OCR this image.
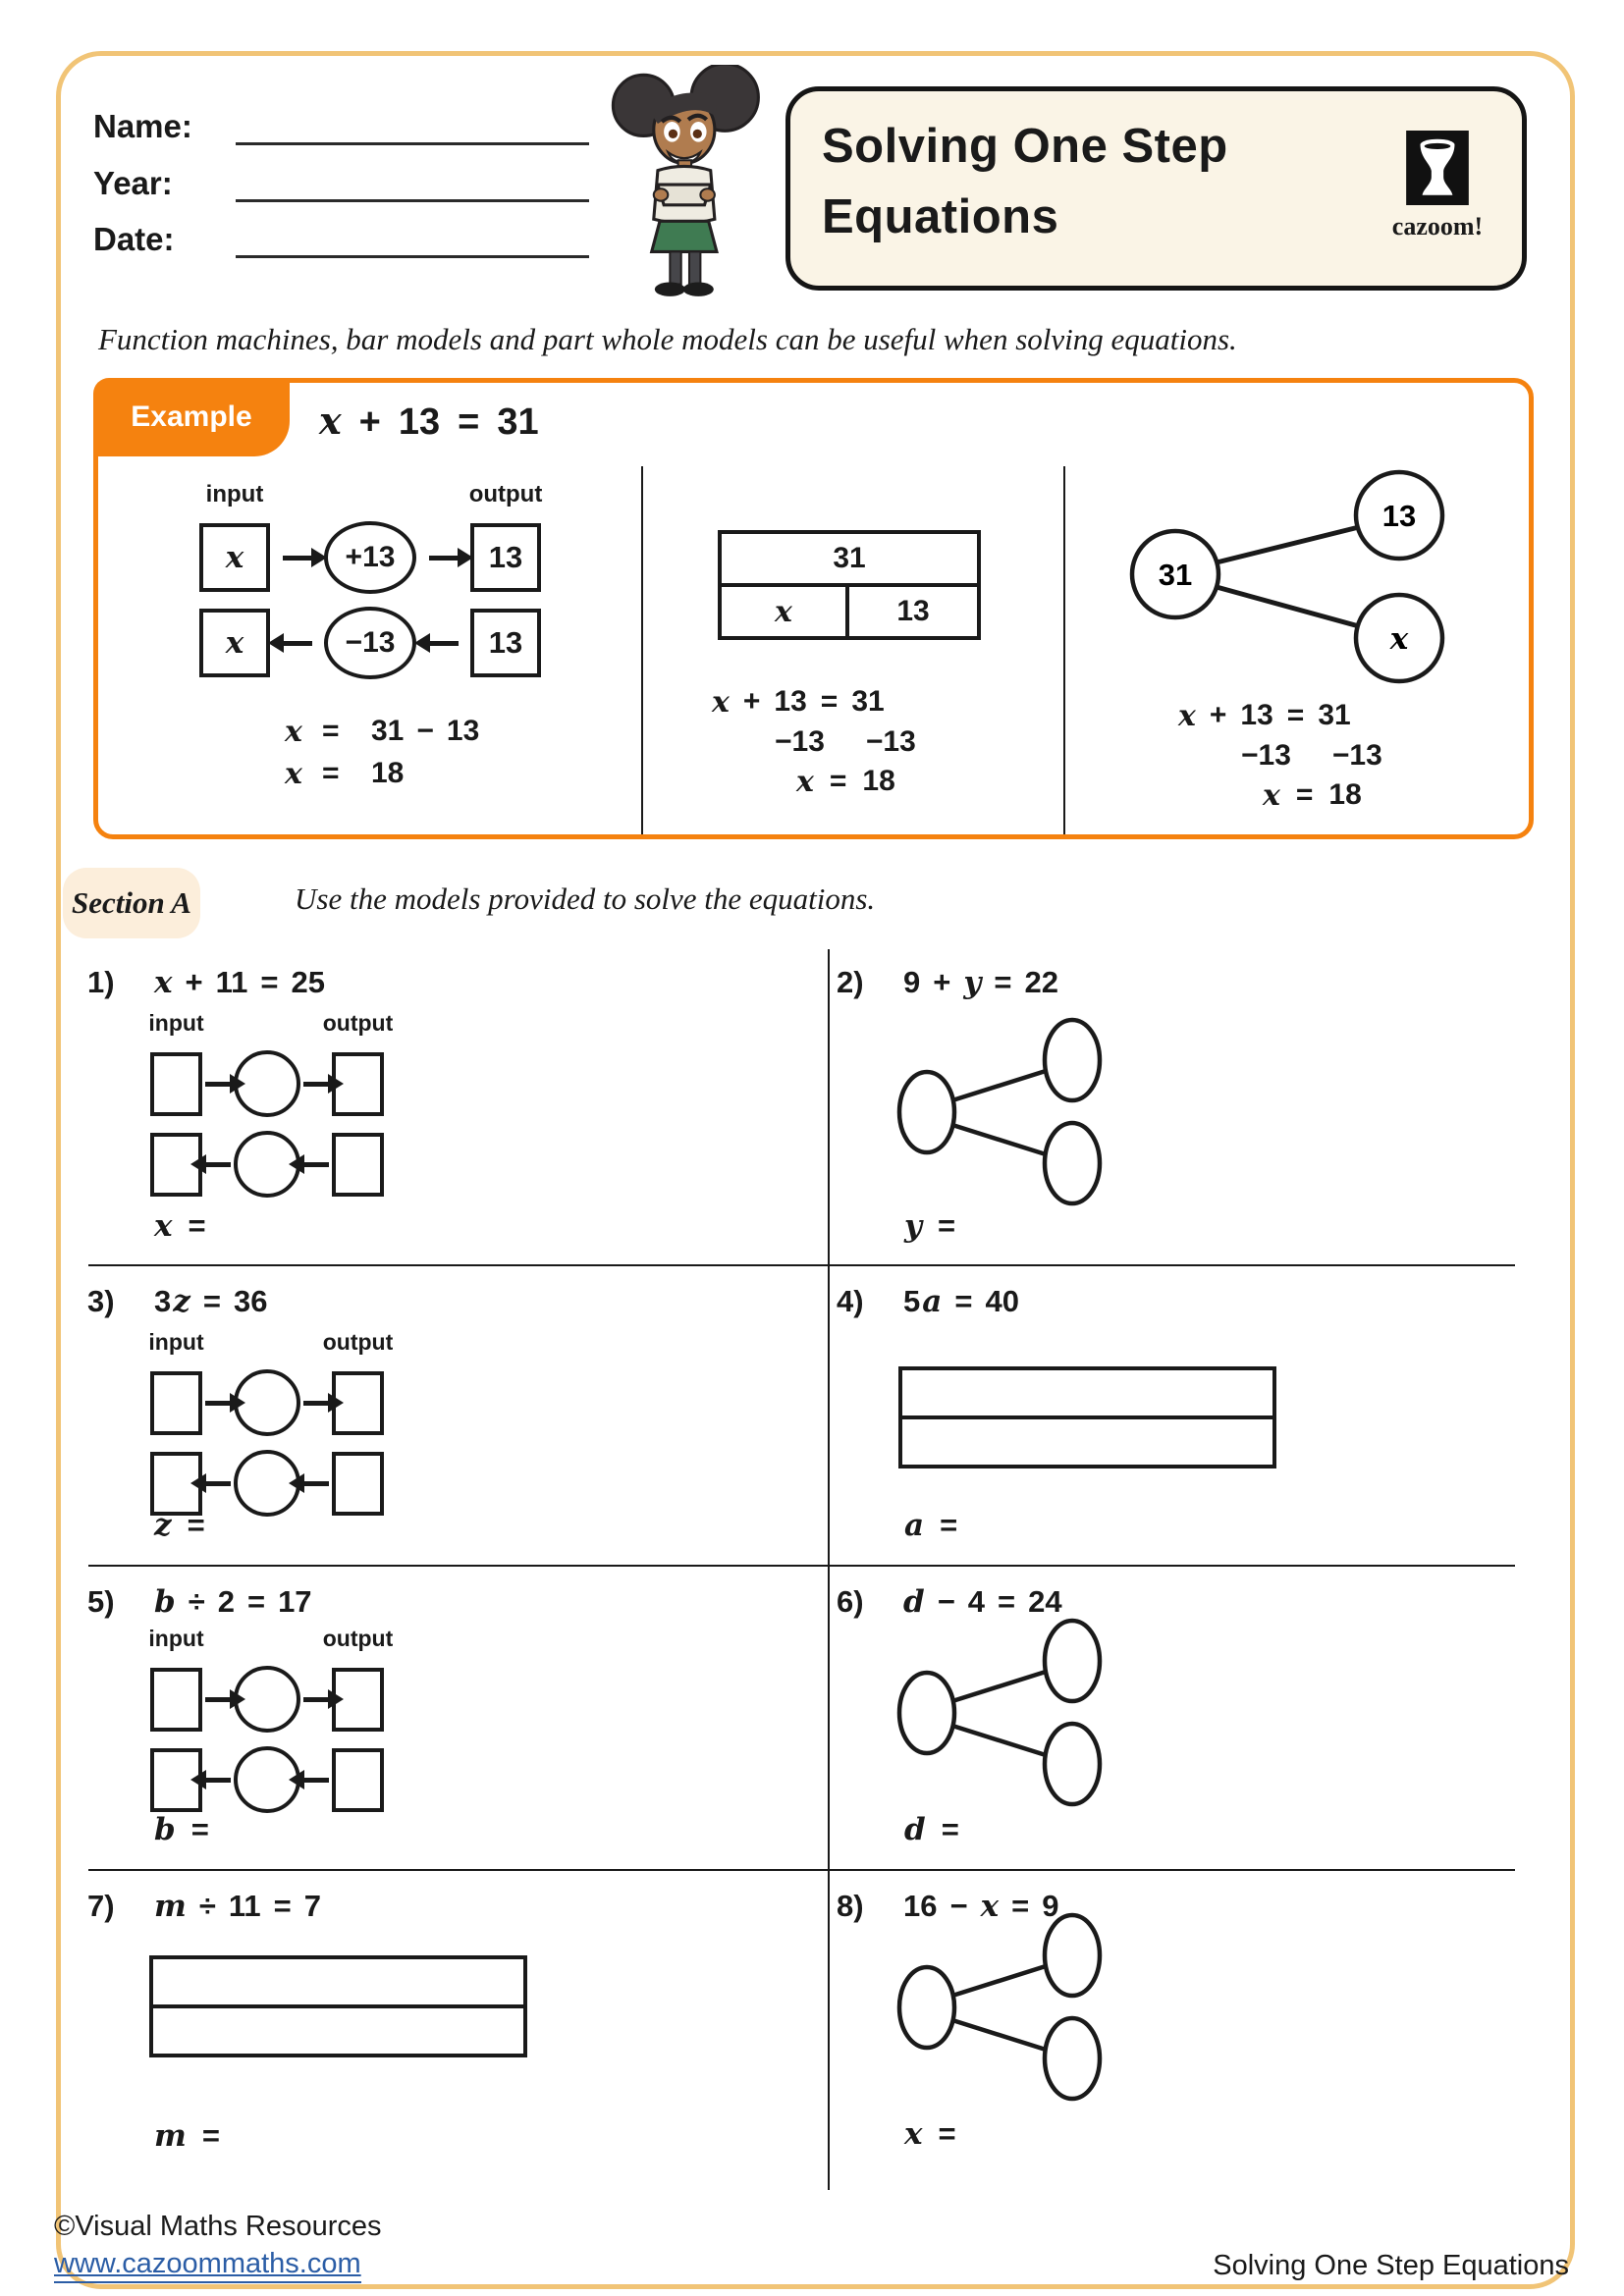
Name:
Year:
Date:
Solving One Step
Equations	cazoom!
Function machines, bar models and part whole models can be useful when solving equations.
Example	x + 13 = 31
input	output
x	+13	13
x	−13	13
x =	31 − 13
x =	18
31
x	13
x + 13 = 31
−13 −13
x = 18
31
13
x
x + 13 = 31
−13 −13
x = 18
Section A	Use the models provided to solve the equations.
1)	x + 11 = 25
input	output
x =
2)	9 + y = 22
y =
3)	3 z = 36
input	output
z =
4)	5 a = 40
a =
5)	b ÷ 2 = 17
input	output
b =
6)	d − 4 = 24
d =
7)	m ÷ 11 = 7
m =
8)	16 − x = 9
x =
©Visual Maths Resources
www.cazoommaths.com	Solving One Step Equations
